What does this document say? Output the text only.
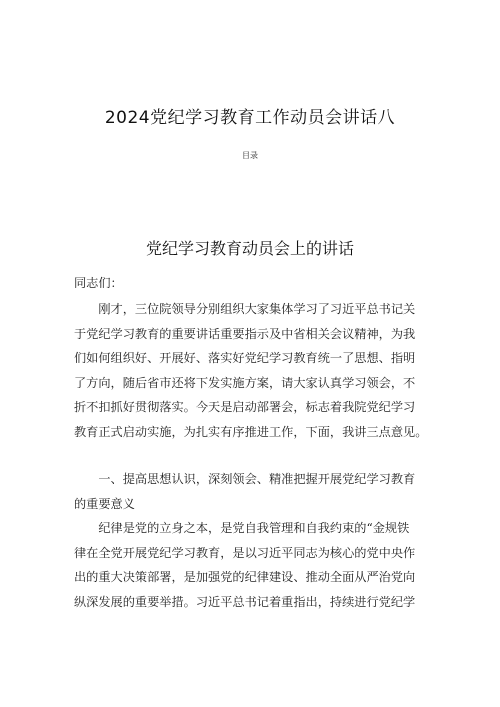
2024党纪学习教育工作动员会讲话八
目录
党纪学习教育动员会上的讲话

同志们：

　　刚才，三位院领导分别组织大家集体学习了习近平总书记关

于党纪学习教育的重要讲话重要指示及中省相关会议精神，为我

们如何组织好、开展好、落实好党纪学习教育统一了思想、指明

了方向，随后省市还将下发实施方案，请大家认真学习领会，不

折不扣抓好贯彻落实。今天是启动部署会，标志着我院党纪学习

教育正式启动实施，为扎实有序推进工作，下面，我讲三点意见。

　　一、提高思想认识，深刻领会、精准把握开展党纪学习教育

的重要意义

　　纪律是党的立身之本，是党自我管理和自我约束的“金规铁

律在全党开展党纪学习教育，是以习近平同志为核心的党中央作

出的重大决策部署，是加强党的纪律建设、推动全面从严治党向

纵深发展的重要举措。习近平总书记着重指出，持续进行党纪学
